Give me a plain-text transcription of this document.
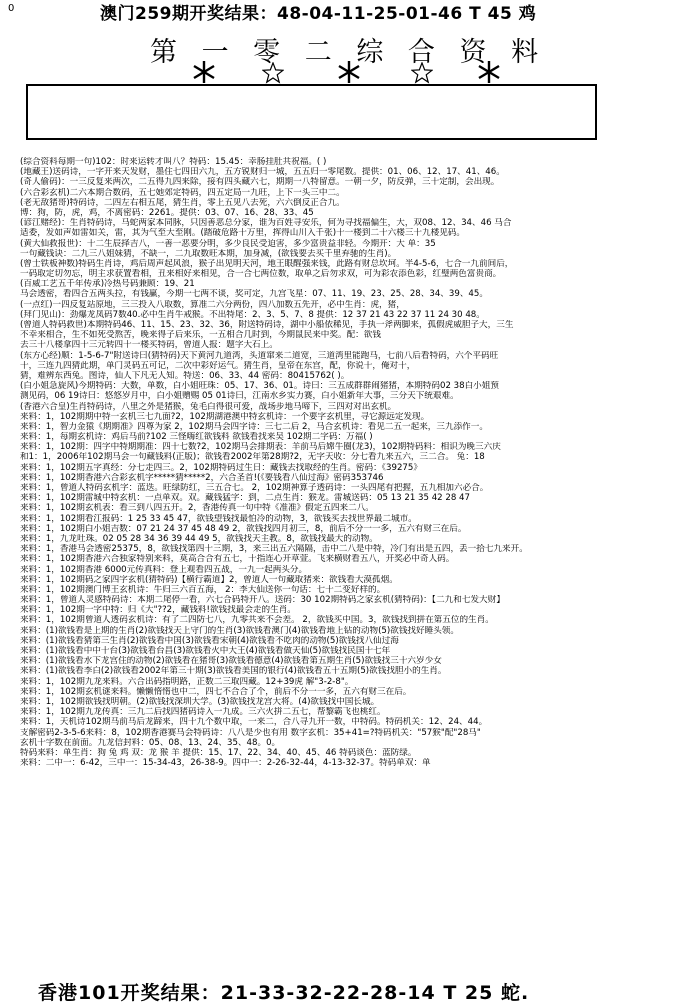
0	澳门259期开奖结果：48-04-11-25-01-46 T 45 鸡
第 一 零 二 综 合 资 料
(综合资料每期一句)102：时来运转才叫八？特码：15.45：幸肠挂肚共祝福。( )
(地藏王)送码诗，一字开来天发财，墨住七四田六九，五方锐财归一城，五五归一零尾数。提供：01、06、12、17、41、46。
(奇人偷码)：一三反复来两次，二五得九四来除，接有四头藏六七，期期一八特留意。一朝一夕，防反弹，三十定制，会出现。
(六合彩玄机)二六本期合数码，五七她郊定特码，四五定局一九旺，上下一头三中二。
(老无敌猪哥)特码诗，二四左右相五尾，猜生肖，零上五见八去死，六六倒反正合九。
博：狗，防，虎，鸡，不离密码：2261。提供：03、07、16、28、33、45
(谚江赌经)：生肖特码诗，马蛇两家本同脉，只因善恶总分家，谁为百姓寻安乐，何为寻找福偏生，大，双08、12、34、46 马合
适委，发如声如雷如关，雷，其为气至大至刚。(踏破危路十万里，挥得山川入千张)十一楼到二十六楼三十九楼见码。
(黄大仙救报世)：十二生辰择吉八，一善一恶要分明，多少良民受迫害，多少富贵益非轻。今期开：大 单：35
一句藏钱诀：二九三八姐妹猜，不缺一，二九取数旺本期，加身减，(欲钱要去买千里弃驰的生肖)。
(曾士铁板神数)特码生肖诗，鸡后周声起风浪，猴子出见明天河，地王眼醒强来钱，此路有财总坎坷。半4-5-6，七合一九前间后，
一码取定切勿忘，明主求获置看相，丑来相好来相见，合一合七两位数，取单之后勿求双，可为彩农添色彩，红璧两色富贵商。
(百威工艺五千年传承)冷热号码兼顾：19、21
马会透密，看四合五两头拉，有钱赢，今期一七两不谈，奖可定，九宫飞星：07、11、19、23、25、28、34、39、45。
(一点红)一四反复站原地，三三投入八取数，算准二六分两份，四八加数五先开，必中生肖：虎，猪，
(拜门见山)：劲爆龙凤码7数40.必中生肖牛戒猴。不出特尾：2、3、5、7、8 提供：12 37 21 43 22 37 11 24 30 48。
(曾道人特码救世)本期特码46、11、15、23、32、36，附送特码诗，湖中小船依稀见，手执一斧两脚来，孤假虎威胆子大，三生
不幸来相合，生不如死受熬苦，晚来得子后来乐，一五相合几时到，今期鼠民来中奖。配：欲钱
去三十八楼拿四十三元转四十一楼买特码，曾道人报：题字大石上。
(东方心经)顺：1-5-6-7"附送诗曰(猜特码)天下黄河九道湾，头道窜来二道宽，三道湾里能跑马，七前八后看特码，六个平码旺
十，三连九四猜此期，单门灵码五可记，二次中彩好运气。猜生肖，皇帝在东宫，配，你说十，俺对十，
猜，难辨东西兔。图诗，仙人下凡无人知。特送：06、33、44 密码：80415762( )。
(白小姐急旋风)今期特码：大数，单数，白小姐旺珠：05、17、36、01。诗曰：三五成群群闹猪猪，本期特码02 38白小姐预
测见码，06 19诗曰：悠悠岁月中，白小姐赠赐 05 01诗曰，江南水乡实力赛，白小姐新年大事，三分天下统艰难。
(香港六合皇)生肖特码诗，八里之外是猪猴，兔毛白得很可爱，战场步地马啼下，三四对对出玄机。
来料：1，102期期中特一玄机三七九面?2，102期湖港澳中特玄机诗：一个要字玄机里，寻它源远定发现。
来料：1，智力金猿《期期准》四尊为家 2，102期马会四字诗：三七二后 2，马合玄机诗：看见二五一起来，三九添作一。
来料：1，每期玄机诗：鸡后马前?102 三怪嗨红欲钱料 欲钱看找来吴 102期二字码：万福( )
来料：1，102期：四字中特期期准：四十七数?2，102期马会排期表：羊前马后嫦牛圈(龙3)，102期特码料：相识为晚三六庆
和1：1，2006年102期马会一句藏钱料(正版)；欲钱看2002年第28期?2，无字天收：分七看九来五六，三二合。 兔：18
来料：1，102期五字真经：分七走四三。2，102期特码过生日：藏钱去找取经的生肖。密码：《39275》
来料：1，102期香港六合彩玄机字*****猜*****2，六合圣首!(《要钱看八仙过海》密码353746
来料：1，曾道人特码玄机字：蓝迭。旺绿防红，三五合七。 2，102期神算子透码诗：一头四尾有把握，五九相加六必合。
来料：1，102期雷城中特玄机：一点单双。双。藏钱猛字：到，二点生肖：猴龙。雷城送码：05 13 21 35 42 28 47
来料：1，102期玄机表：看三到八四五开。2，香港传真一句中特《准准》假定五四来二八。
来料：1，102期看江报码：1 25 33 45 47，欲钱望钱找最怕冷的动物，3，欲钱买去找世界最二城市。
来料：1，102期白小姐吉数：07 21 24 37 45 48 49 2，欲钱找四月初三，8，前后不分一一多，五六有财三在后。
来料：1，九龙吐珠。02 05 28 34 36 39 44 49 5，欲钱找天主教。8，欲钱找最大的动物。
来料：1，香港马会透密25375，8，欲钱找第四十三期，3，来三出五六隔隔，击中二八是中特，冷门有出是五四，丢一拾七九来开。
来料：1，102期香港六合独家特别来料，莫高合合有五七，十指连心开草萱。飞来横财看五八，开奖必中奇人码。
来料：1，102期香港 6000元传真料：登上观看四五战，一九一起两头分。
来料：1，102期码之家四字玄机(猜特码)【横行霸道】2，曾道人一句藏取猪来：欲钱看大漠孤烟。
来料：1，102期澳门博王玄机诗：牛归三六百五海， 2：李大仙送你一句话：七十二变好样的。
来料：1，曾道人灵感特码诗：本期二尾停一看，六七合码特开八。送码：30 102期特码之家玄机(猜特码)：【二九和七发大财】
来料：1，102期一字中特：归《大"??2，藏钱料!欲钱找最会走的生肖。
来料：1，102期曾道人透码玄机诗：有了二四防七八，九零共来不会差。 2，欲钱买中国。3，欲钱找到拼在第五位的生肖。
来料：(1)欲钱看是上期的生肖(2)欲钱找天上守门的生肖(3)欲钱看澳门(4)欲钱看地上钻的动物(5)欲钱找好睡头领。
来料：(1)欲钱看猜第三生肖(2)欲钱看中国(3)欲钱看宋朝(4)欲钱看不吃肉的动物(5)欲钱找八仙过海
来料：(1)欲钱看中中十台(3)欲钱看台昌(3)欲钱看火中大王(4)欲钱看做天仙(5)欲钱找民国十七年
来料：(1)欲钱看水下龙宫住的动物(2)欲钱看在猪哥(3)欲钱看德意(4)欲钱看第五期生肖(5)欲钱找三十六岁少女
来料：(1)欲钱看李白(2)欲钱看2002年第三十期(3)欲钱看美国的银行(4)欲钱看五十五期(5)欲钱找胆小的生肖。
来料：1，102期九龙来料。六合出码指明路，正数二三取四藏。12+39虎 解"3-2-8"。
来料：1，102期玄机谜来料。懒懒惰惰也中二，四七不合合了个，前后不分一一多，五六有财三在后。
来料：1，102期欲钱找明朝。(2)欲钱找深圳大学。(3)欲钱找龙宫大将。(4)欲钱找中国长城。
来料：1，102期九龙传真：三九二后找四猪码诗入一九成。三六火拼二五七，帮黎霸飞也桃红。
来料：1，天机诗102期马前马后龙蹄来，四十九个数中取，一来二，合八寻九开一数，中特码。特码机关：12、24、44。
支解密码2-3-5-6来料：8，102期香港赛马会特码诗：八八是少也有用 数字玄机：35+41=?特码机关："57猴"配"28马"
玄机十字数在前面。九龙信封料：05、08、13、24、35、48。0。
特码来料：单生肖：狗 兔 鸡 双：龙 猴 羊 提供：15、17、22、34、40、45、46 特码谈色：蓝防绿。
来料：二中一：6-42，三中一：15-34-43，26-38-9。四中一：2-26-32-44，4-13-32-37。特码单双：单
香港101开奖结果：21-33-32-22-28-14 T 25 蛇.
